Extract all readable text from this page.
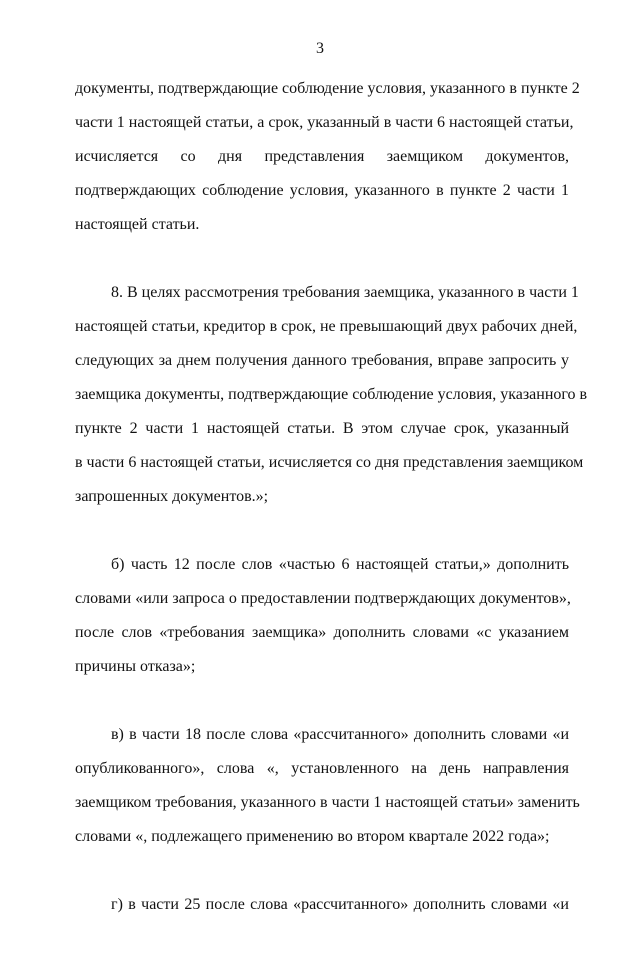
3
документы, подтверждающие соблюдение условия, указанного в пункте 2
части 1 настоящей статьи, а срок, указанный в части 6 настоящей статьи,
исчисляется со дня представления заемщиком документов,
подтверждающих соблюдение условия, указанного в пункте 2 части 1
настоящей статьи.
8. В целях рассмотрения требования заемщика, указанного в части 1
настоящей статьи, кредитор в срок, не превышающий двух рабочих дней,
следующих за днем получения данного требования, вправе запросить у
заемщика документы, подтверждающие соблюдение условия, указанного в
пункте 2 части 1 настоящей статьи. В этом случае срок, указанный
в части 6 настоящей статьи, исчисляется со дня представления заемщиком
запрошенных документов.»;
б) часть 12 после слов «частью 6 настоящей статьи,» дополнить
словами «или запроса о предоставлении подтверждающих документов»,
после слов «требования заемщика» дополнить словами «с указанием
причины отказа»;
в) в части 18 после слова «рассчитанного» дополнить словами «и
опубликованного», слова «, установленного на день направления
заемщиком требования, указанного в части 1 настоящей статьи» заменить
словами «, подлежащего применению во втором квартале 2022 года»;
г) в части 25 после слова «рассчитанного» дополнить словами «и
